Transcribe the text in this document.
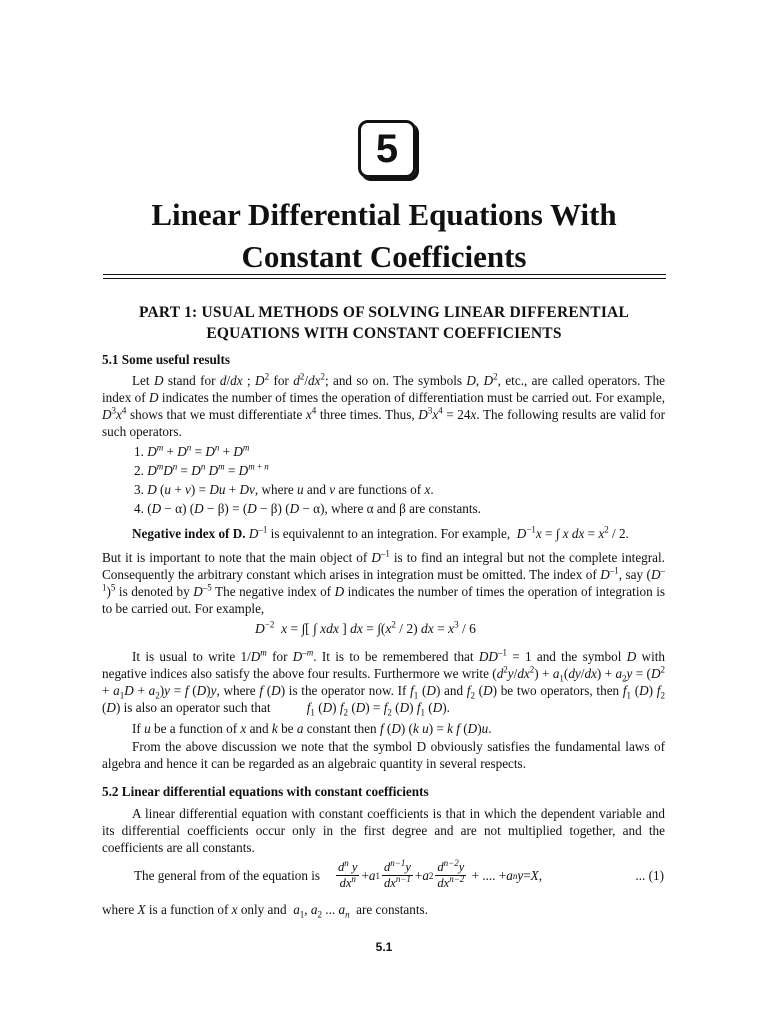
5
Linear Differential Equations With
Constant Coefficients
PART 1: USUAL METHODS OF SOLVING LINEAR DIFFERENTIAL
EQUATIONS WITH CONSTANT COEFFICIENTS
5.1 Some useful results
Let D stand for d/dx ; $D^2$ for $d^2/dx^2$; and so on. The symbols D, $D^2$, etc., are called operators. The index of D indicates the number of times the operation of differentiation must be carried out. For example, $D^3x^4$ shows that we must differentiate $x^4$ three times. Thus, $D^3x^4 = 24x$. The following results are valid for such operators.
1. $D^m + D^n = D^n + D^m$
2. $D^mD^n = D^n$ $D^m = D^{m + n}$
3. D (u + v) = Du + Dv, where u and v are functions of x.
4. (D − α) (D − β) = (D − β) (D − α), where α and β are constants.
Negative index of D. $D^{-1}$ is equivalennt to an integration. For example,  $D^{-1}x$ = ∫ x dx = $x^2 / 2$.
But it is important to note that the main object of $D^{-1}$ is to find an integral but not the complete integral. Consequently the arbitrary constant which arises in integration must be omitted. The index of $D^{-1}$, say $(D^{-1})^5$ is denoted by $D^{-5}$ The negative index of D indicates the number of times the operation of integration is to be carried out. For example,
$D^{-2}$ x = ∫[ ∫ xdx ] dx = $\int(x^2 / 2)$ dx = $x^3 / 6$
It is usual to write $1/D^m$ for $D^{-m}$. It is to be remembered that $DD^{-1} = 1$ and the symbol D with negative indices also satisfy the above four results. Furthermore we write $(d^2y/dx^2) + a_1(dy/dx) + a_2y = (D^2 + a_1D + a_2)y = f$ (D)y, where f (D) is the operator now. If $f_1$ (D) and $f_2$ (D) be two operators, then $f_1$ (D) $f_2$ (D) is also an operator such that           $f_1$ (D) $f_2$ $(D) = f_2$ (D) $f_1$ (D).
If u be a function of x and k be a constant then f (D) (k u) = k f (D)u.
From the above discussion we note that the symbol D obviously satisfies the fundamental laws of algebra and hence it can be regarded as an algebraic quantity in several respects.
5.2 Linear differential equations with constant coefficients
A linear differential equation with constant coefficients is that in which the dependent variable and its differential coefficients occur only in the first degree and are not multiplied together, and the coefficients are all constants.
The general from of the equation is $\frac{d^n y}{dx^n} + a$ $1 \frac{d^{n-1}y}{dx^{n-1}} + a$ $2 \frac{d^{n-2}y}{dx^{n-2}}$ + .... + a n y = X ,	... (1)
where X is a function of x only and  $a_1$, $a_2$ ... $a_n$  are constants.
5.1
